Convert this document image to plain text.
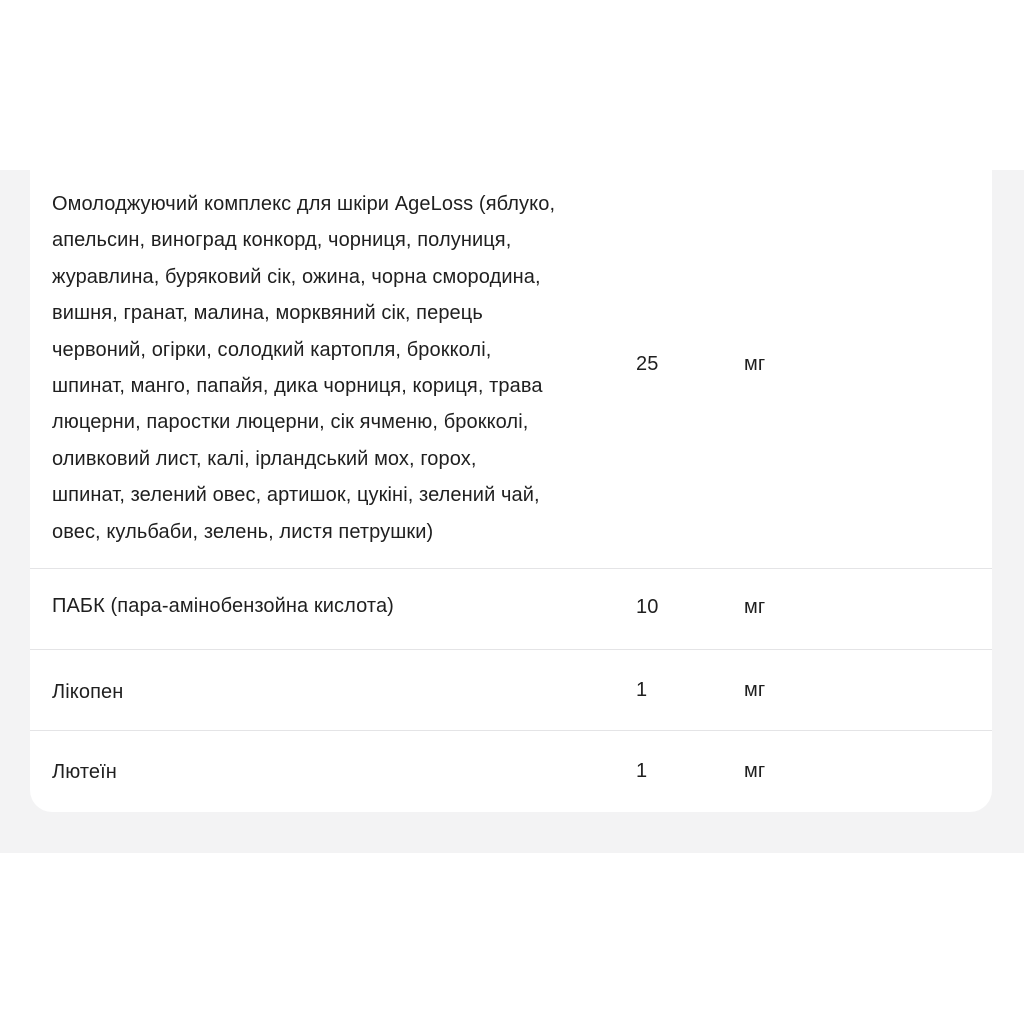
Омолоджуючий комплекс для шкіри AgeLoss (яблуко,
апельсин, виноград конкорд, чорниця, полуниця,
журавлина, буряковий сік, ожина, чорна смородина,
вишня, гранат, малина, морквяний сік, перець
червоний, огірки, солодкий картопля, брокколі,
шпинат, манго, папайя, дика чорниця, кориця, трава
люцерни, паростки люцерни, сік ячменю, брокколі,
оливковий лист, калі, ірландський мох, горох,
шпинат, зелений овес, артишок, цукіні, зелений чай,
овес, кульбаби, зелень, листя петрушки)
25	мг
ПАБК (пара-амінобензойна кислота)	10	мг
Лікопен	1	мг
Лютеїн	1	мг
